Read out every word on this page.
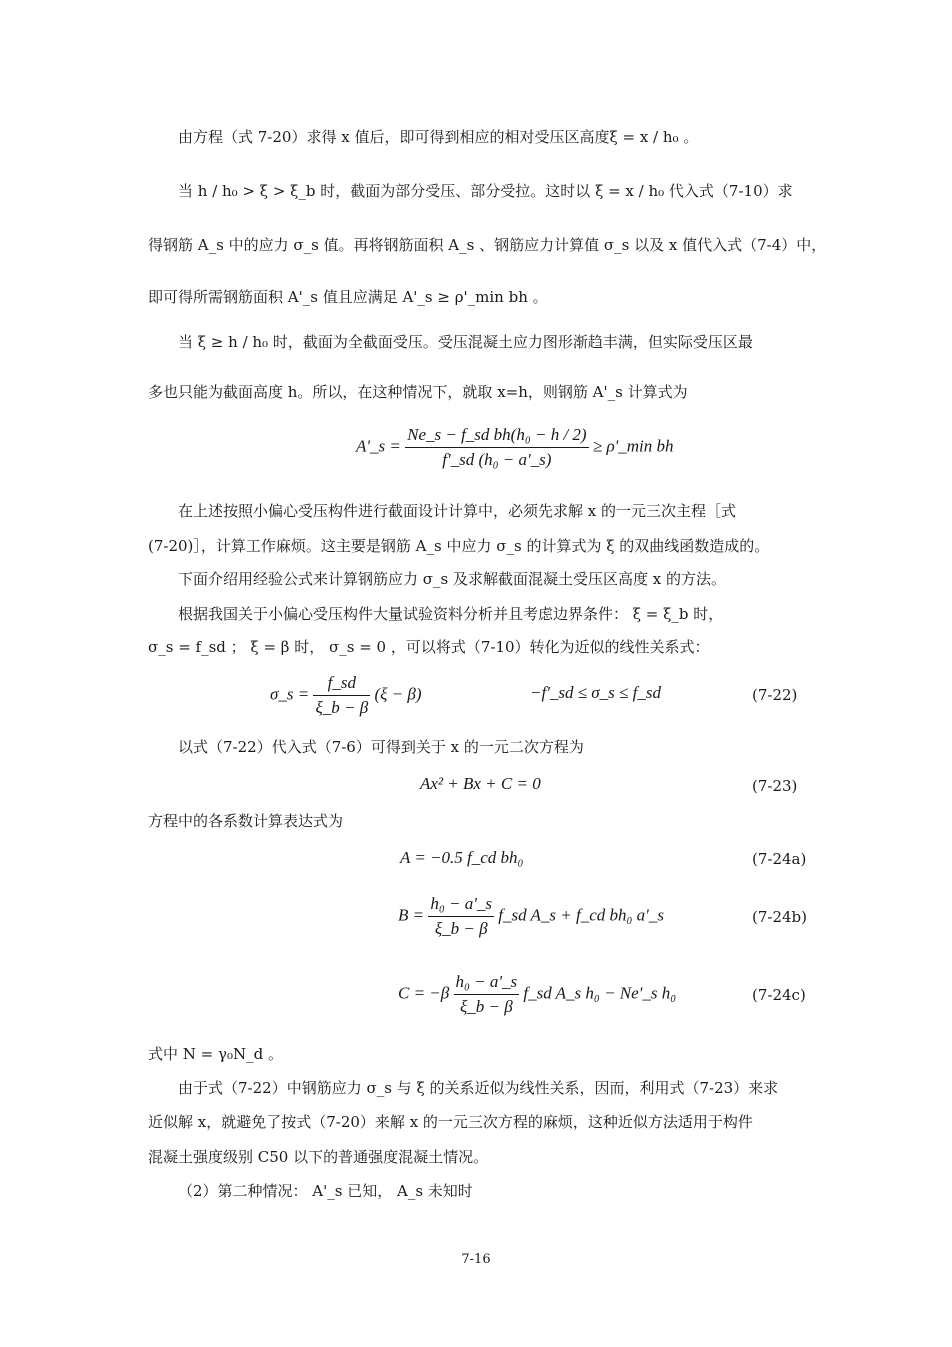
由方程（式 7-20）求得 x 值后，即可得到相应的相对受压区高度ξ = x / h₀ 。
当 h / h₀ > ξ > ξ_b 时，截面为部分受压、部分受拉。这时以 ξ = x / h₀ 代入式（7-10）求
得钢筋 A_s 中的应力 σ_s 值。再将钢筋面积 A_s 、钢筋应力计算值 σ_s 以及 x 值代入式（7-4）中，
即可得所需钢筋面积 A'_s 值且应满足 A'_s ≥ ρ'_min bh 。
当 ξ ≥ h / h₀ 时，截面为全截面受压。受压混凝土应力图形渐趋丰满，但实际受压区最
多也只能为截面高度 h。所以，在这种情况下，就取 x=h，则钢筋 A'_s 计算式为
A'_s = $\frac{\text{Ne\_s − f\_sd bh(h₀ − h / 2)}}{\text{f'\_sd (h₀ − a'\_s)}}$ ≥ ρ'_min bh
在上述按照小偏心受压构件进行截面设计计算中，必须先求解 x 的一元三次主程［式
(7-20)］，计算工作麻烦。这主要是钢筋 A_s 中应力 σ_s 的计算式为 ξ 的双曲线函数造成的。
下面介绍用经验公式来计算钢筋应力 σ_s 及求解截面混凝土受压区高度 x 的方法。
根据我国关于小偏心受压构件大量试验资料分析并且考虑边界条件： ξ = ξ_b 时，
σ_s = f_sd ； ξ = β 时， σ_s = 0 ，可以将式（7-10）转化为近似的线性关系式：
σ_s = $\frac{f\_sd}{\xi\_b - \beta} (\xi - \beta)$	−f'_sd ≤ σ_s ≤ f_sd	(7-22)
以式（7-22）代入式（7-6）可得到关于 x 的一元二次方程为
Ax² + Bx + C = 0	(7-23)
方程中的各系数计算表达式为
A = −0.5 f_cd bh₀	(7-24a)
$B = \frac{\text{h₀ − a'\_s}}{\xi\_b - \beta}$ f_sd A_s + f_cd bh₀ a'_s	(7-24b)
$C = -\beta \frac{\text{h₀ − a'\_s}}{\xi\_b - \beta}$ f_sd A_s h₀ − Ne'_s h₀	(7-24c)
式中 N = γ₀N_d 。
由于式（7-22）中钢筋应力 σ_s 与 ξ 的关系近似为线性关系，因而，利用式（7-23）来求
近似解 x，就避免了按式（7-20）来解 x 的一元三次方程的麻烦，这种近似方法适用于构件
混凝土强度级别 C50 以下的普通强度混凝土情况。
（2）第二种情况： A'_s 已知， A_s 未知时
7-16
